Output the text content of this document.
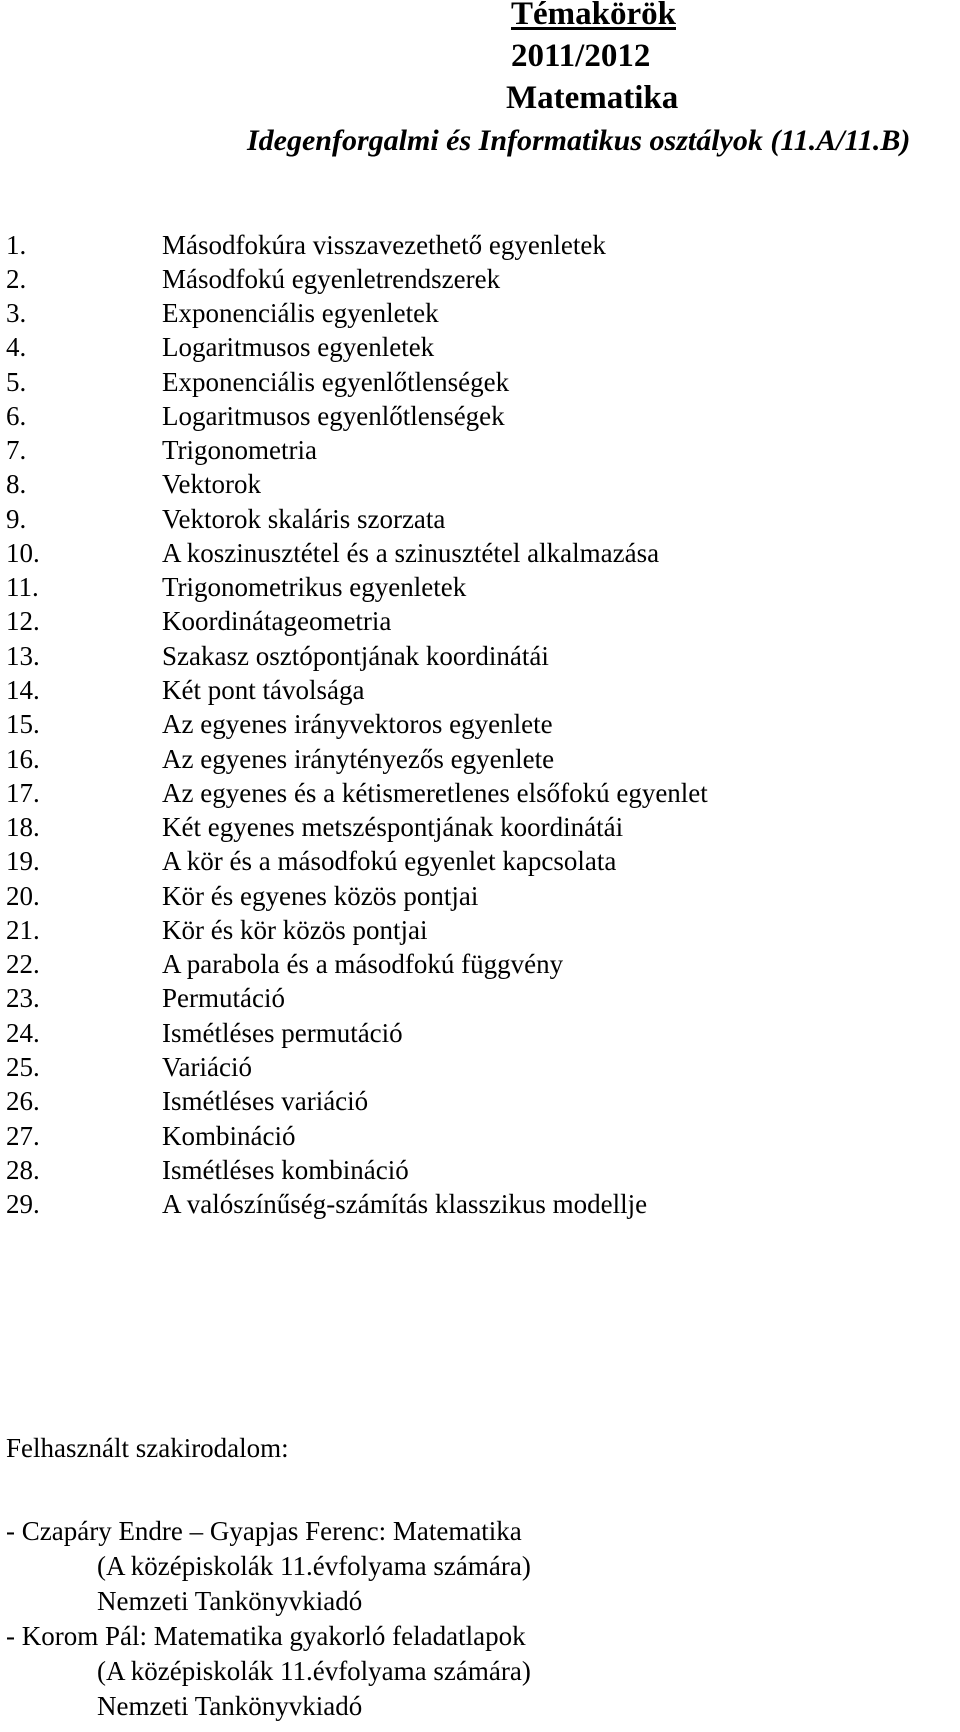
Témakörök
2011/2012
Matematika
Idegenforgalmi és Informatikus osztályok (11.A/11.B)
1.	Másodfokúra visszavezethető egyenletek
2.	Másodfokú egyenletrendszerek
3.	Exponenciális egyenletek
4.	Logaritmusos egyenletek
5.	Exponenciális egyenlőtlenségek
6.	Logaritmusos egyenlőtlenségek
7.	Trigonometria
8.	Vektorok
9.	Vektorok skaláris szorzata
10.	A koszinusztétel és a szinusztétel alkalmazása
11.	Trigonometrikus egyenletek
12.	Koordinátageometria
13.	Szakasz osztópontjának koordinátái
14.	Két pont távolsága
15.	Az egyenes irányvektoros egyenlete
16.	Az egyenes iránytényezős egyenlete
17.	Az egyenes és a kétismeretlenes elsőfokú egyenlet
18.	Két egyenes metszéspontjának koordinátái
19.	A kör és a másodfokú egyenlet kapcsolata
20.	Kör és egyenes közös pontjai
21.	Kör és kör közös pontjai
22.	A parabola és a másodfokú függvény
23.	Permutáció
24.	Ismétléses permutáció
25.	Variáció
26.	Ismétléses variáció
27.	Kombináció
28.	Ismétléses kombináció
29.	A valószínűség-számítás klasszikus modellje
Felhasznált szakirodalom:
- Czapáry Endre – Gyapjas Ferenc: Matematika
(A középiskolák 11.évfolyama számára)
Nemzeti Tankönyvkiadó
- Korom Pál: Matematika gyakorló feladatlapok
(A középiskolák 11.évfolyama számára)
Nemzeti Tankönyvkiadó
